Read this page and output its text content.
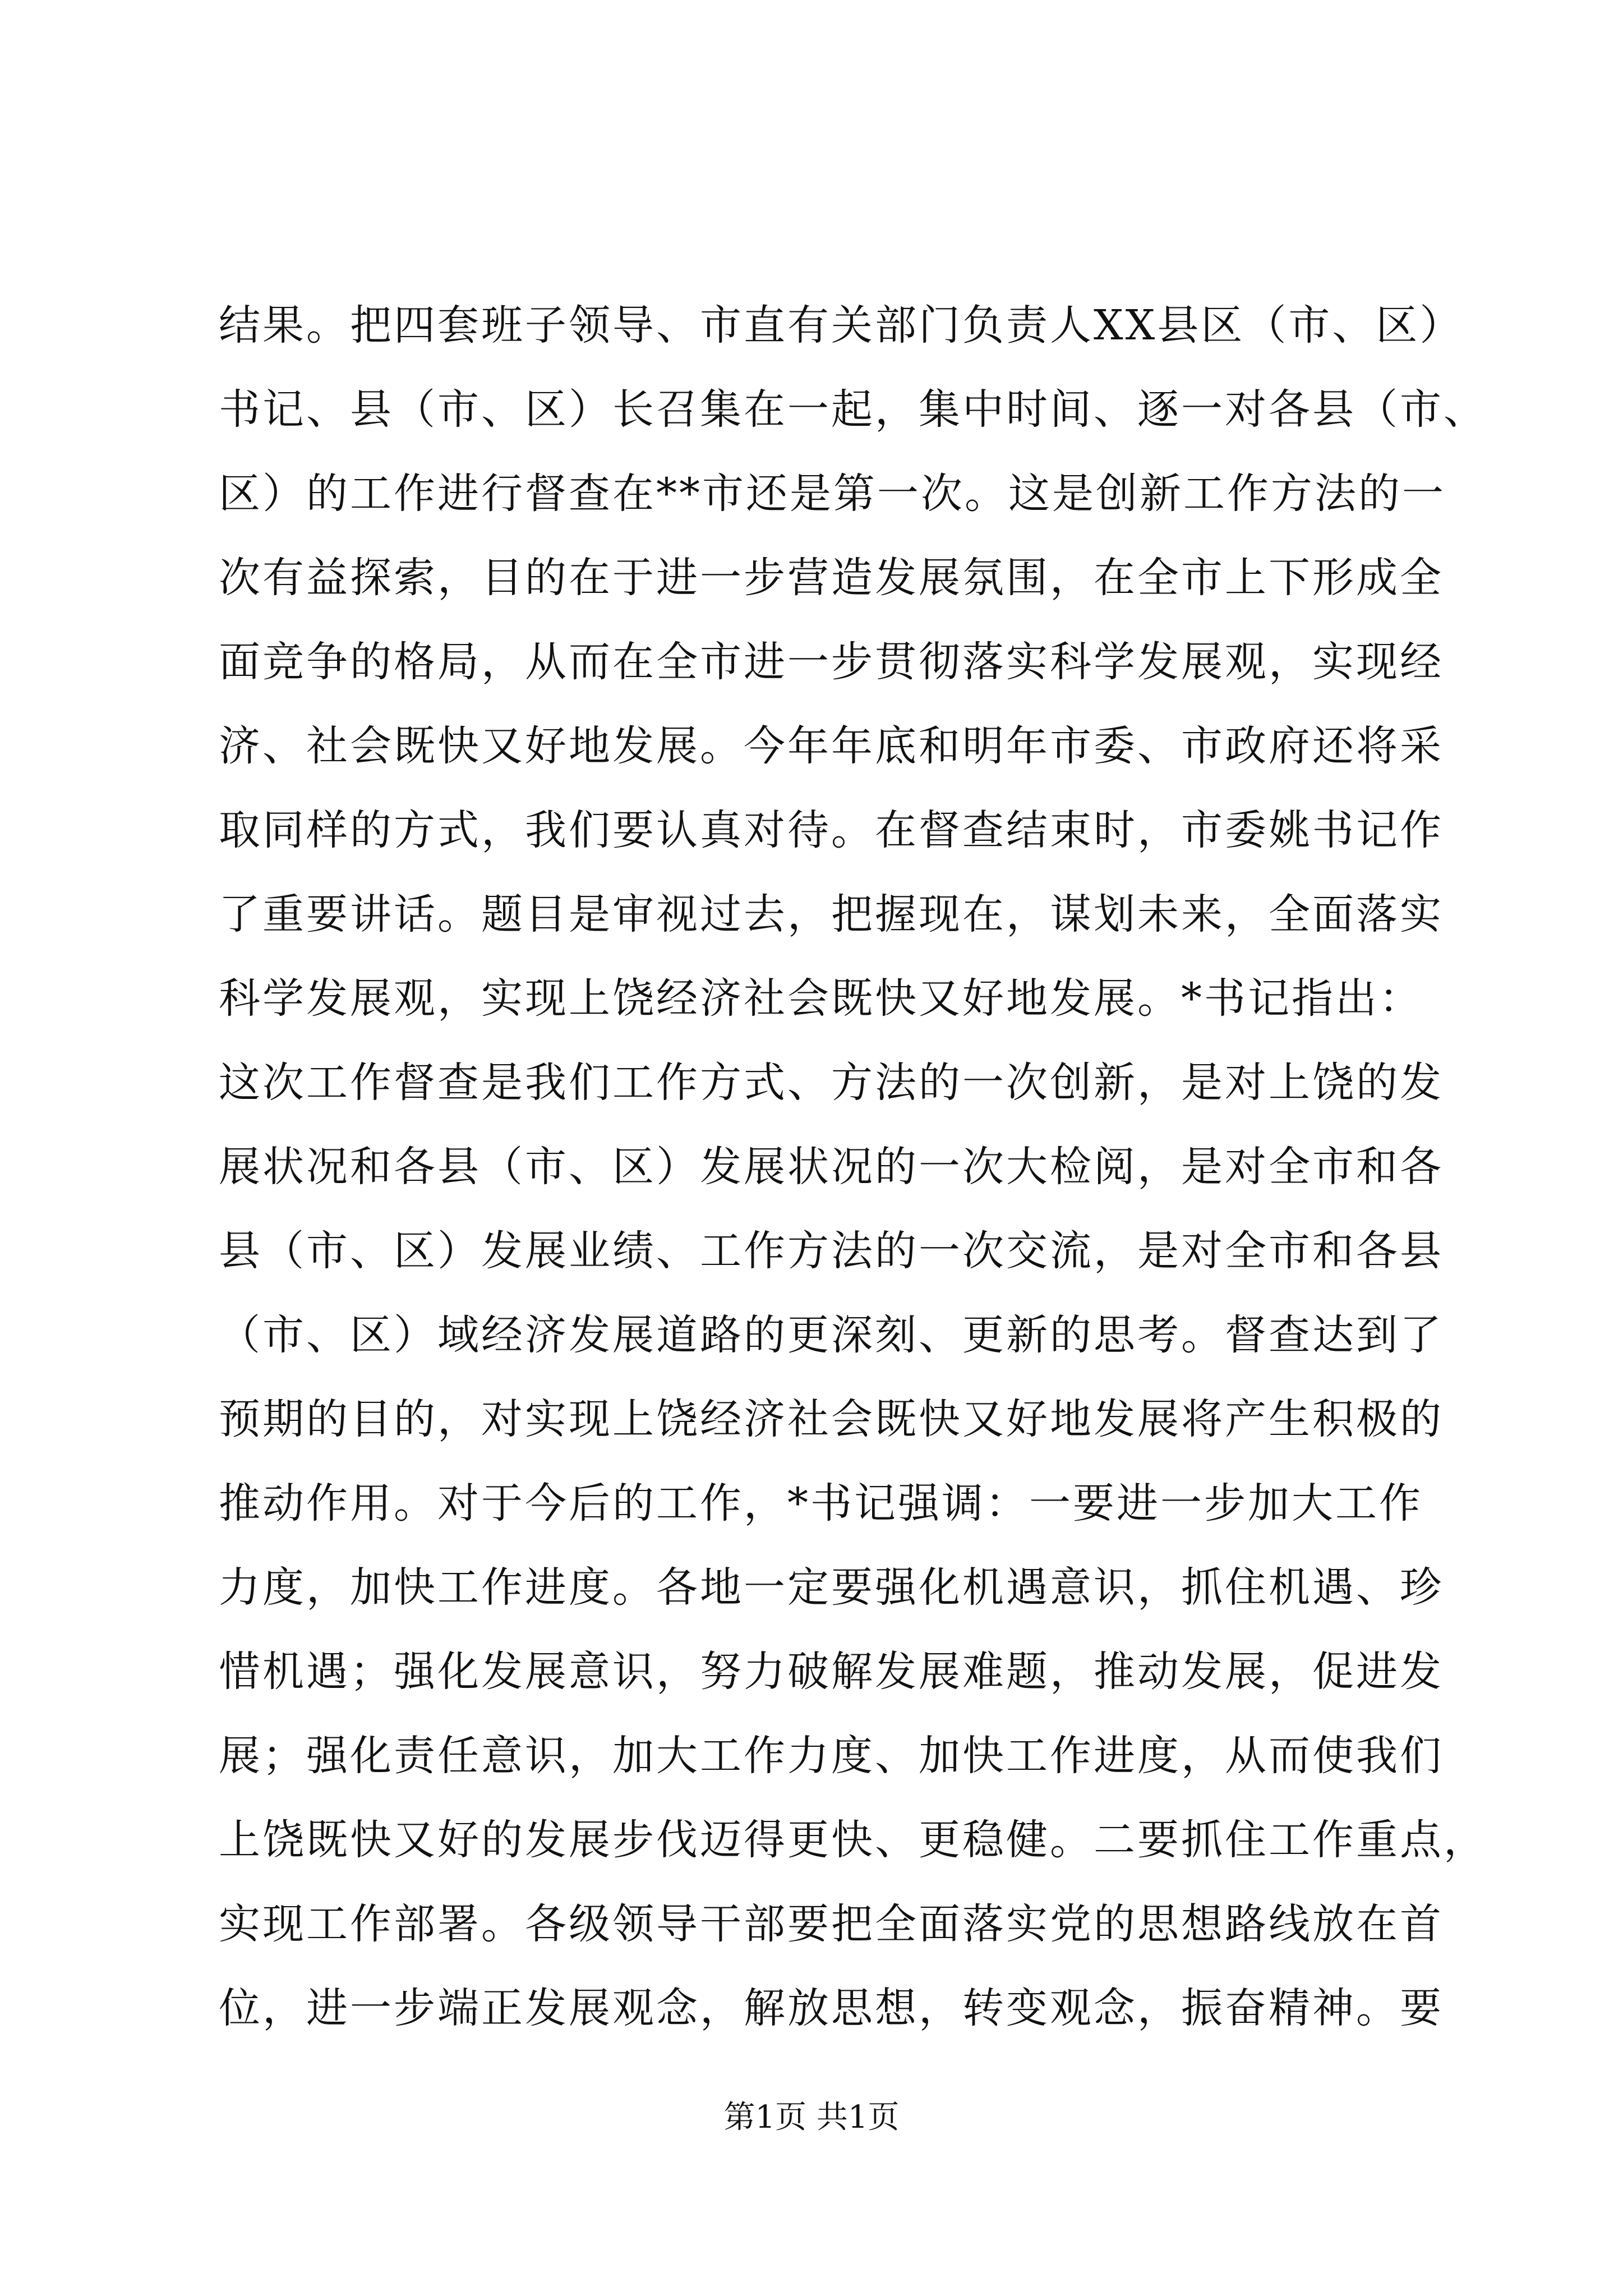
结果。把四套班子领导、市直有关部门负责人XX县区（市、区）
书记、县（市、区）长召集在一起，集中时间、逐一对各县（市、
区）的工作进行督查在**市还是第一次。这是创新工作方法的一
次有益探索，目的在于进一步营造发展氛围，在全市上下形成全
面竞争的格局，从而在全市进一步贯彻落实科学发展观，实现经
济、社会既快又好地发展。今年年底和明年市委、市政府还将采
取同样的方式，我们要认真对待。在督查结束时，市委姚书记作
了重要讲话。题目是审视过去，把握现在，谋划未来，全面落实
科学发展观，实现上饶经济社会既快又好地发展。*书记指出：
这次工作督查是我们工作方式、方法的一次创新，是对上饶的发
展状况和各县（市、区）发展状况的一次大检阅，是对全市和各
县（市、区）发展业绩、工作方法的一次交流，是对全市和各县
（市、区）域经济发展道路的更深刻、更新的思考。督查达到了
预期的目的，对实现上饶经济社会既快又好地发展将产生积极的
推动作用。对于今后的工作，*书记强调：一要进一步加大工作
力度，加快工作进度。各地一定要强化机遇意识，抓住机遇、珍
惜机遇；强化发展意识，努力破解发展难题，推动发展，促进发
展；强化责任意识，加大工作力度、加快工作进度，从而使我们
上饶既快又好的发展步伐迈得更快、更稳健。二要抓住工作重点，
实现工作部署。各级领导干部要把全面落实党的思想路线放在首
位，进一步端正发展观念，解放思想，转变观念，振奋精神。要
第1页 共1页
